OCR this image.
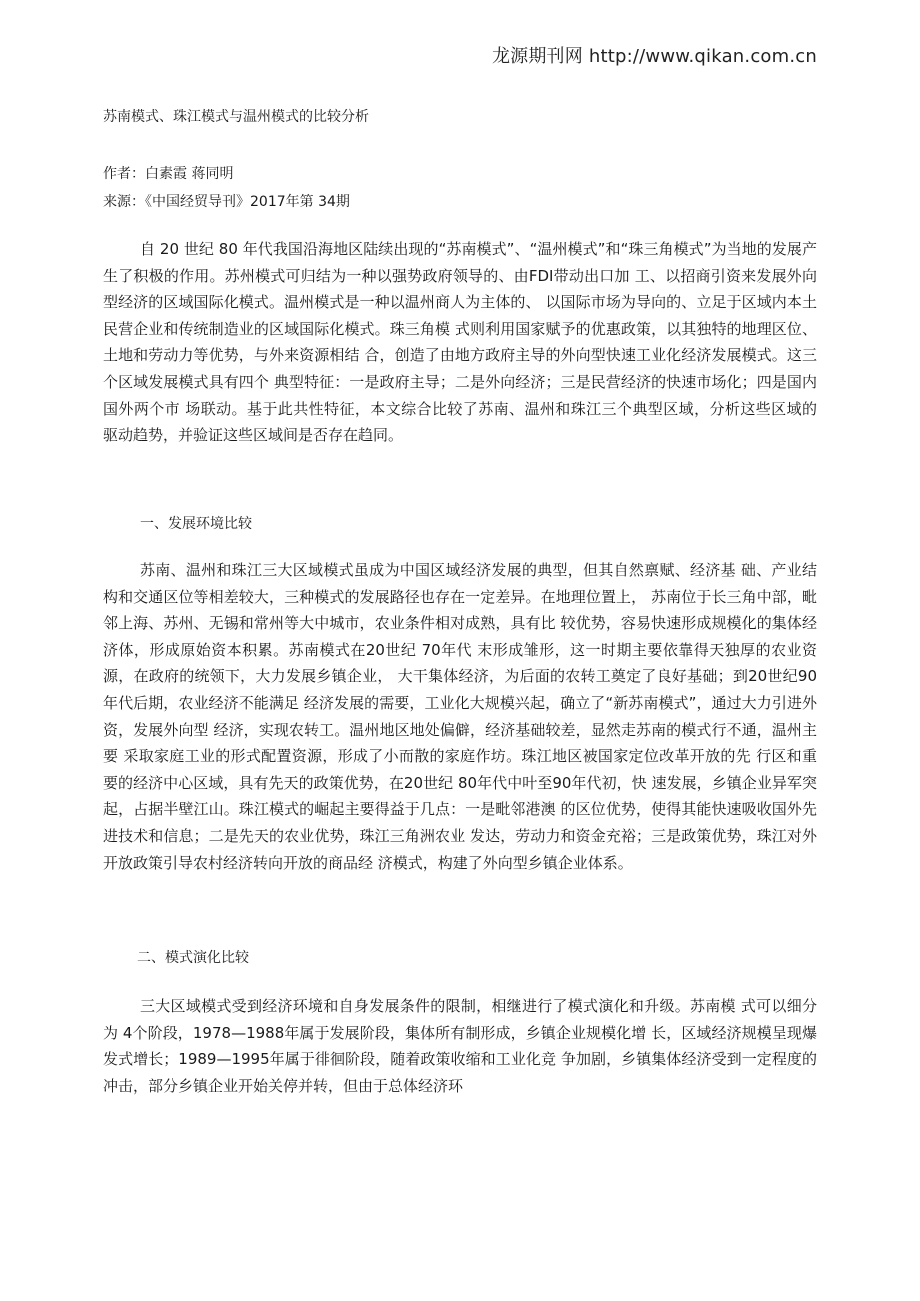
龙源期刊网 http://www.qikan.com.cn
苏南模式、珠江模式与温州模式的比较分析
作者：白素霞 蒋同明
来源：《中国经贸导刊》2017年第 34期

自 20 世纪 80 年代我国沿海地区陆续出现的“苏南模式”、“温州模式”和“珠三角模式”为当地的发展产生了积极的作用。苏州模式可归结为一种以强势政府领导的、由FDI带动出口加 工、以招商引资来发展外向型经济的区域国际化模式。温州模式是一种以温州商人为主体的、 以国际市场为导向的、立足于区域内本土民营企业和传统制造业的区域国际化模式。珠三角模 式则利用国家赋予的优惠政策，以其独特的地理区位、土地和劳动力等优势，与外来资源相结 合，创造了由地方政府主导的外向型快速工业化经济发展模式。这三个区域发展模式具有四个 典型特征：一是政府主导；二是外向经济；三是民营经济的快速市场化；四是国内国外两个市 场联动。基于此共性特征，本文综合比较了苏南、温州和珠江三个典型区域，分析这些区域的 驱动趋势，并验证这些区域间是否存在趋同。

一、发展环境比较

苏南、温州和珠江三大区域模式虽成为中国区域经济发展的典型，但其自然禀赋、经济基 础、产业结构和交通区位等相差较大，三种模式的发展路径也存在一定差异。在地理位置上， 苏南位于长三角中部，毗邻上海、苏州、无锡和常州等大中城市，农业条件相对成熟，具有比 较优势，容易快速形成规模化的集体经济体，形成原始资本积累。苏南模式在20世纪 70年代 末形成雏形，这一时期主要依靠得天独厚的农业资源，在政府的统领下，大力发展乡镇企业， 大干集体经济，为后面的农转工奠定了良好基础；到20世纪90年代后期，农业经济不能满足 经济发展的需要，工业化大规模兴起，确立了“新苏南模式”，通过大力引进外资，发展外向型 经济，实现农转工。温州地区地处偏僻，经济基础较差，显然走苏南的模式行不通，温州主要 采取家庭工业的形式配置资源，形成了小而散的家庭作坊。珠江地区被国家定位改革开放的先 行区和重要的经济中心区域，具有先天的政策优势，在20世纪 80年代中叶至90年代初，快 速发展，乡镇企业异军突起，占据半壁江山。珠江模式的崛起主要得益于几点：一是毗邻港澳 的区位优势，使得其能快速吸收国外先进技术和信息；二是先天的农业优势，珠江三角洲农业 发达，劳动力和资金充裕；三是政策优势，珠江对外开放政策引导农村经济转向开放的商品经 济模式，构建了外向型乡镇企业体系。

二、模式演化比较

三大区域模式受到经济环境和自身发展条件的限制，相继进行了模式演化和升级。苏南模 式可以细分为 4个阶段，1978—1988年属于发展阶段，集体所有制形成，乡镇企业规模化增 长，区域经济规模呈现爆发式增长；1989—1995年属于徘徊阶段，随着政策收缩和工业化竞 争加剧，乡镇集体经济受到一定程度的冲击，部分乡镇企业开始关停并转，但由于总体经济环
